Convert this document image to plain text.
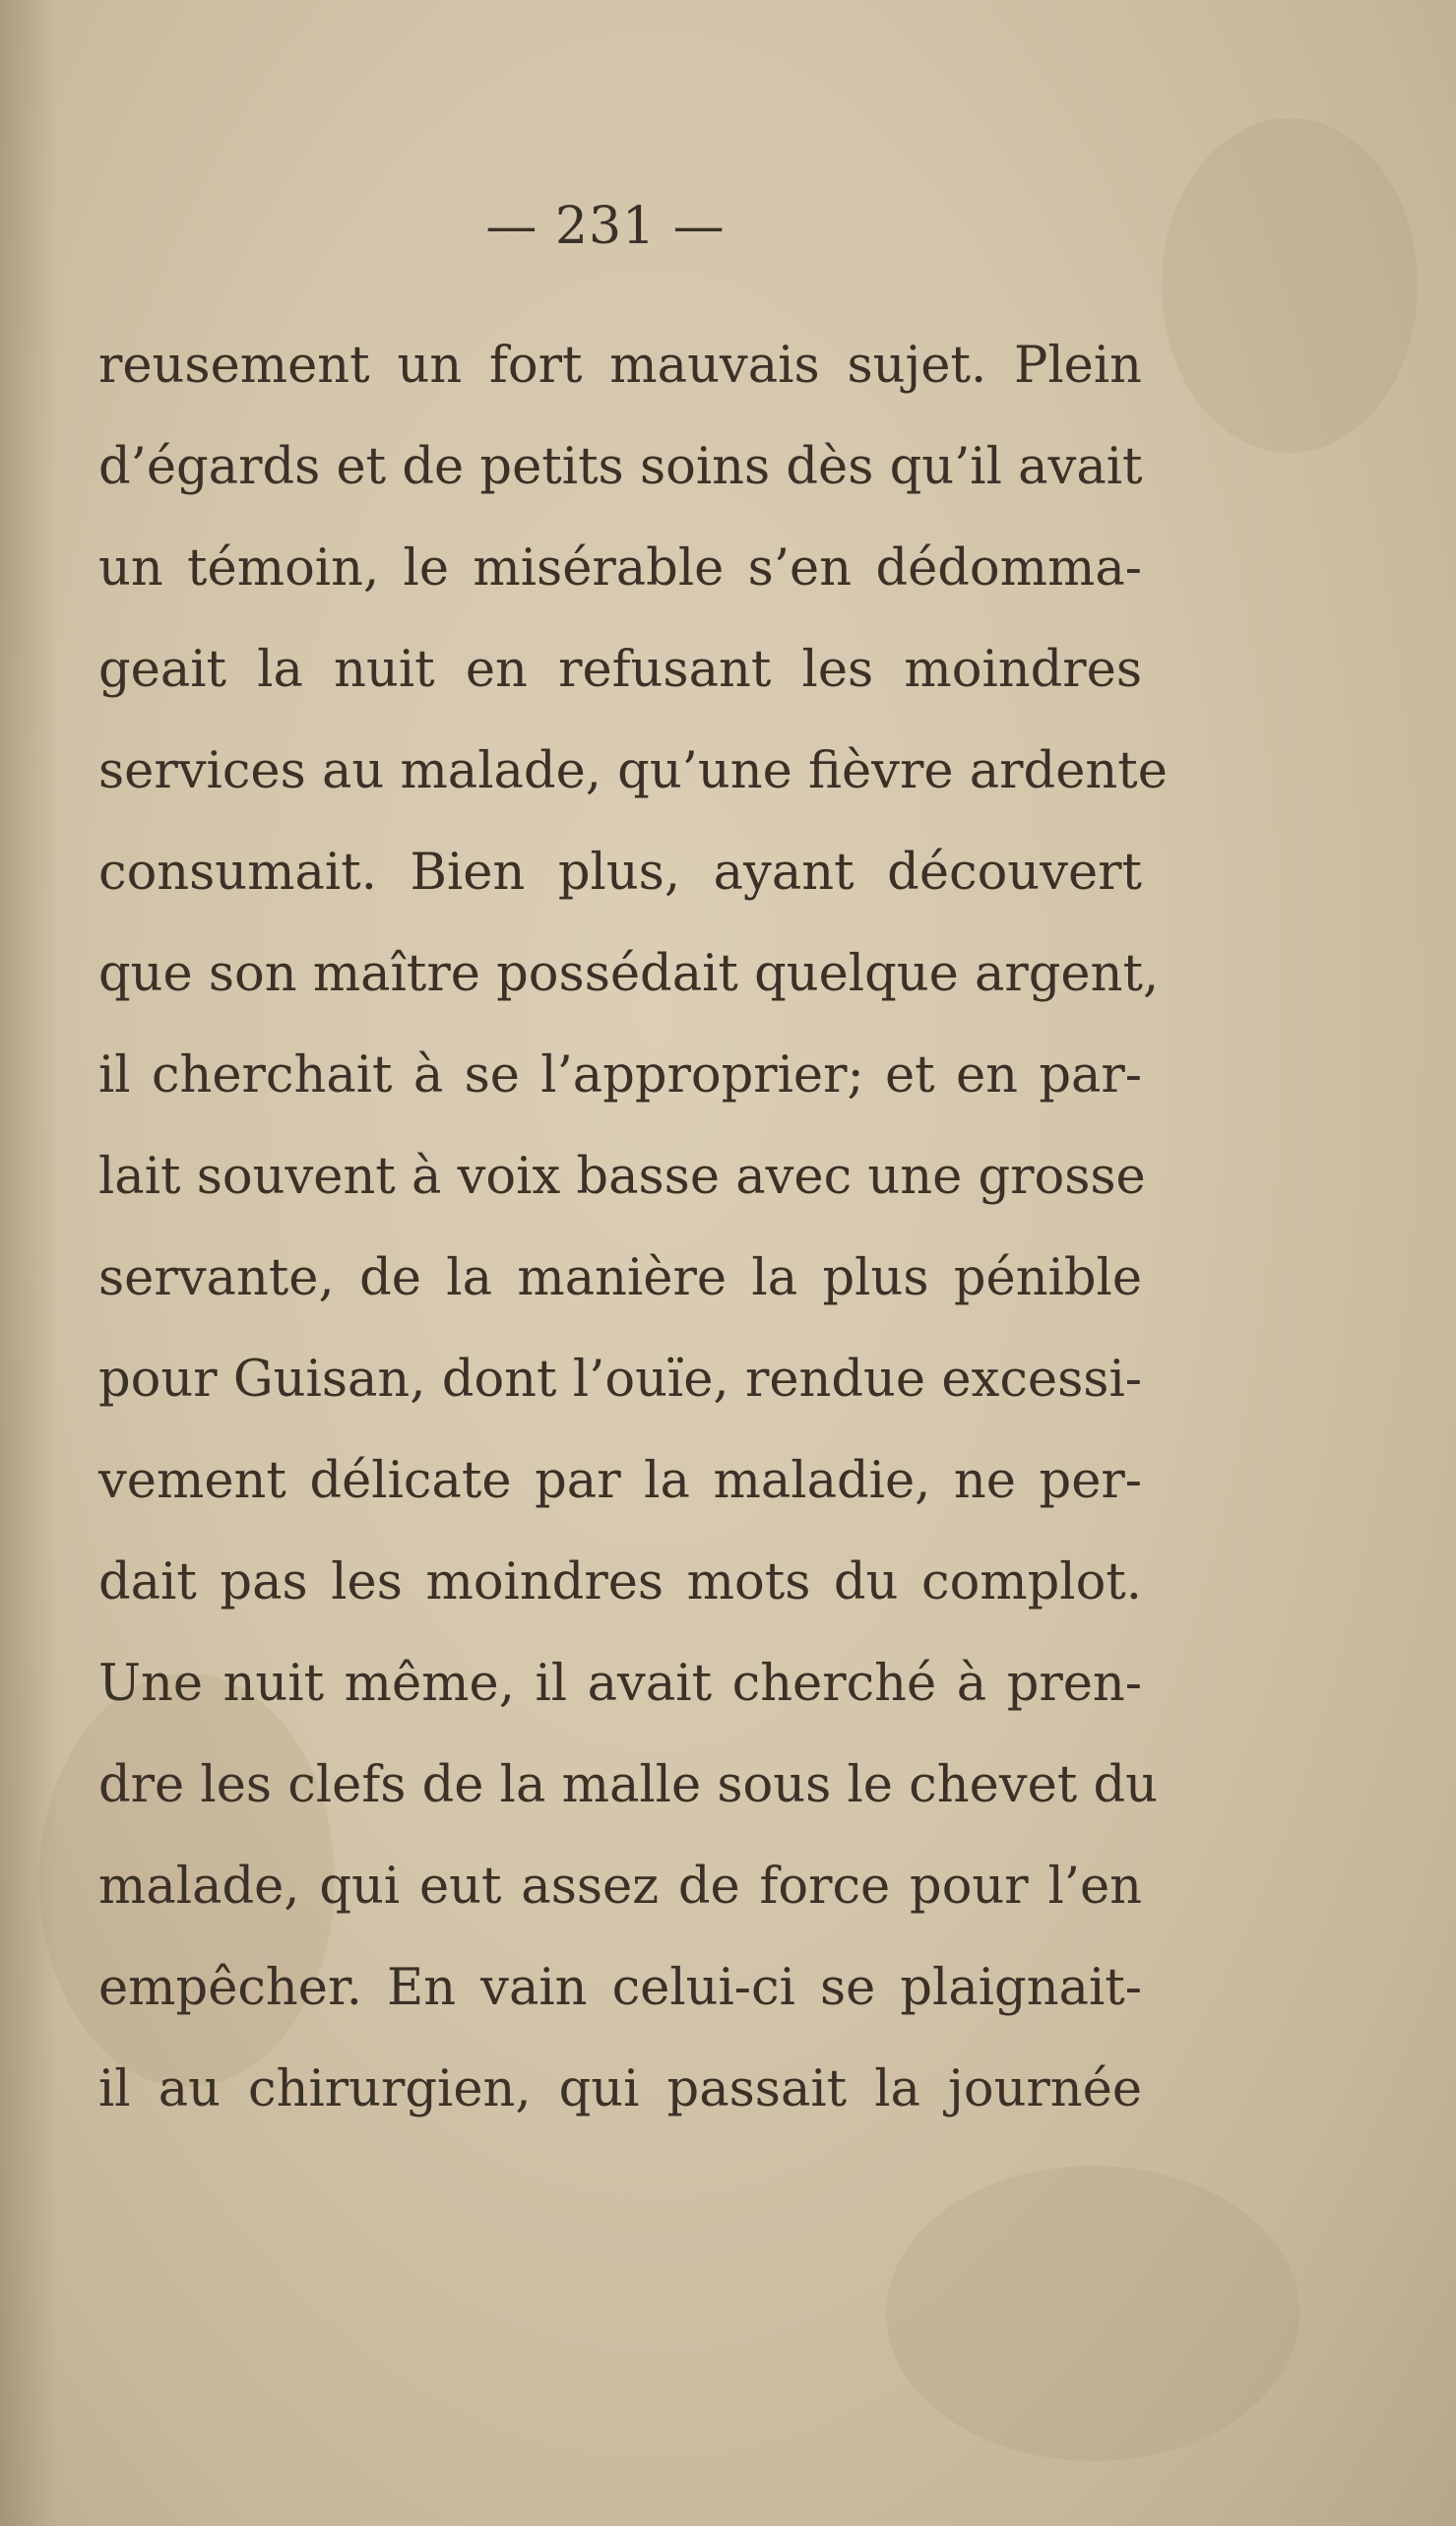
— 231 —
reusement un fort mauvais sujet. Plein
d’égards et de petits soins dès qu’il avait
un témoin, le misérable s’en dédomma-
geait la nuit en refusant les moindres
services au malade, qu’une fièvre ardente
consumait. Bien plus, ayant découvert
que son maître possédait quelque argent,
il cherchait à se l’approprier; et en par-
lait souvent à voix basse avec une grosse
servante, de la manière la plus pénible
pour Guisan, dont l’ouïe, rendue excessi-
vement délicate par la maladie, ne per-
dait pas les moindres mots du complot.
Une nuit même, il avait cherché à pren-
dre les clefs de la malle sous le chevet du
malade, qui eut assez de force pour l’en
empêcher. En vain celui-ci se plaignait-
il au chirurgien, qui passait la journée
